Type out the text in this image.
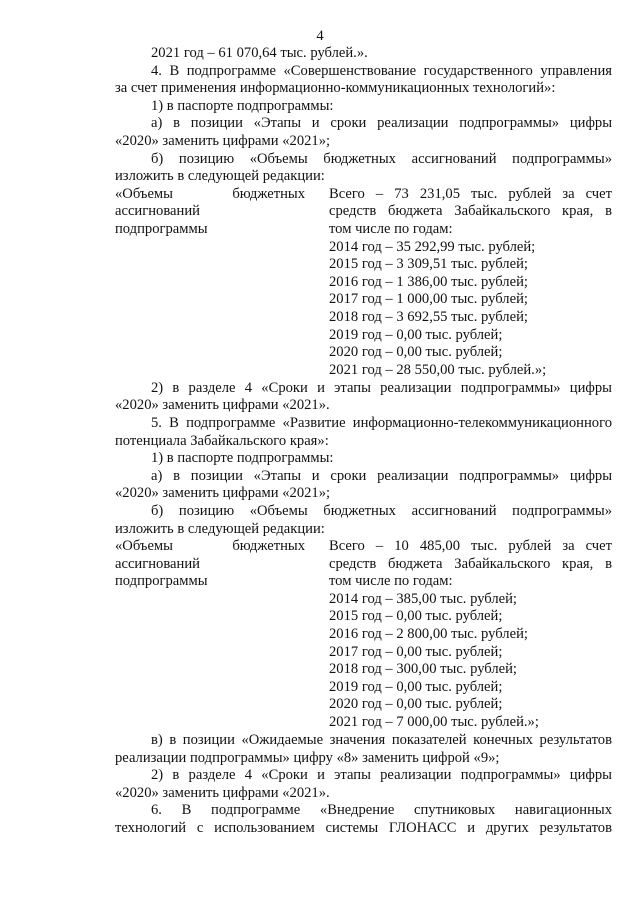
4
2021 год – 61 070,64 тыс. рублей.».
4. В подпрограмме «Совершенствование государственного управления
за счет применения информационно-коммуникационных технологий»:
1) в паспорте подпрограммы:
а) в позиции «Этапы и сроки реализации подпрограммы» цифры
«2020» заменить цифрами «2021»;
б) позицию «Объемы бюджетных ассигнований подпрограммы»
изложить в следующей редакции:
«Объемы бюджетных
ассигнований
подпрограммы
Всего – 73 231,05 тыс. рублей за счет
средств бюджета Забайкальского края, в
том числе по годам:
2014 год – 35 292,99 тыс. рублей;
2015 год – 3 309,51 тыс. рублей;
2016 год – 1 386,00 тыс. рублей;
2017 год – 1 000,00 тыс. рублей;
2018 год – 3 692,55 тыс. рублей;
2019 год – 0,00 тыс. рублей;
2020 год – 0,00 тыс. рублей;
2021 год – 28 550,00 тыс. рублей.»;
2) в разделе 4 «Сроки и этапы реализации подпрограммы» цифры
«2020» заменить цифрами «2021».
5. В подпрограмме «Развитие информационно-телекоммуникационного
потенциала Забайкальского края»:
1) в паспорте подпрограммы:
а) в позиции «Этапы и сроки реализации подпрограммы» цифры
«2020» заменить цифрами «2021»;
б) позицию «Объемы бюджетных ассигнований подпрограммы»
изложить в следующей редакции:
«Объемы бюджетных
ассигнований
подпрограммы
Всего – 10 485,00 тыс. рублей за счет
средств бюджета Забайкальского края, в
том числе по годам:
2014 год – 385,00 тыс. рублей;
2015 год – 0,00 тыс. рублей;
2016 год – 2 800,00 тыс. рублей;
2017 год – 0,00 тыс. рублей;
2018 год – 300,00 тыс. рублей;
2019 год – 0,00 тыс. рублей;
2020 год – 0,00 тыс. рублей;
2021 год – 7 000,00 тыс. рублей.»;
в) в позиции «Ожидаемые значения показателей конечных результатов
реализации подпрограммы» цифру «8» заменить цифрой «9»;
2) в разделе 4 «Сроки и этапы реализации подпрограммы» цифры
«2020» заменить цифрами «2021».
6. В подпрограмме «Внедрение спутниковых навигационных
технологий с использованием системы ГЛОНАСС и других результатов
